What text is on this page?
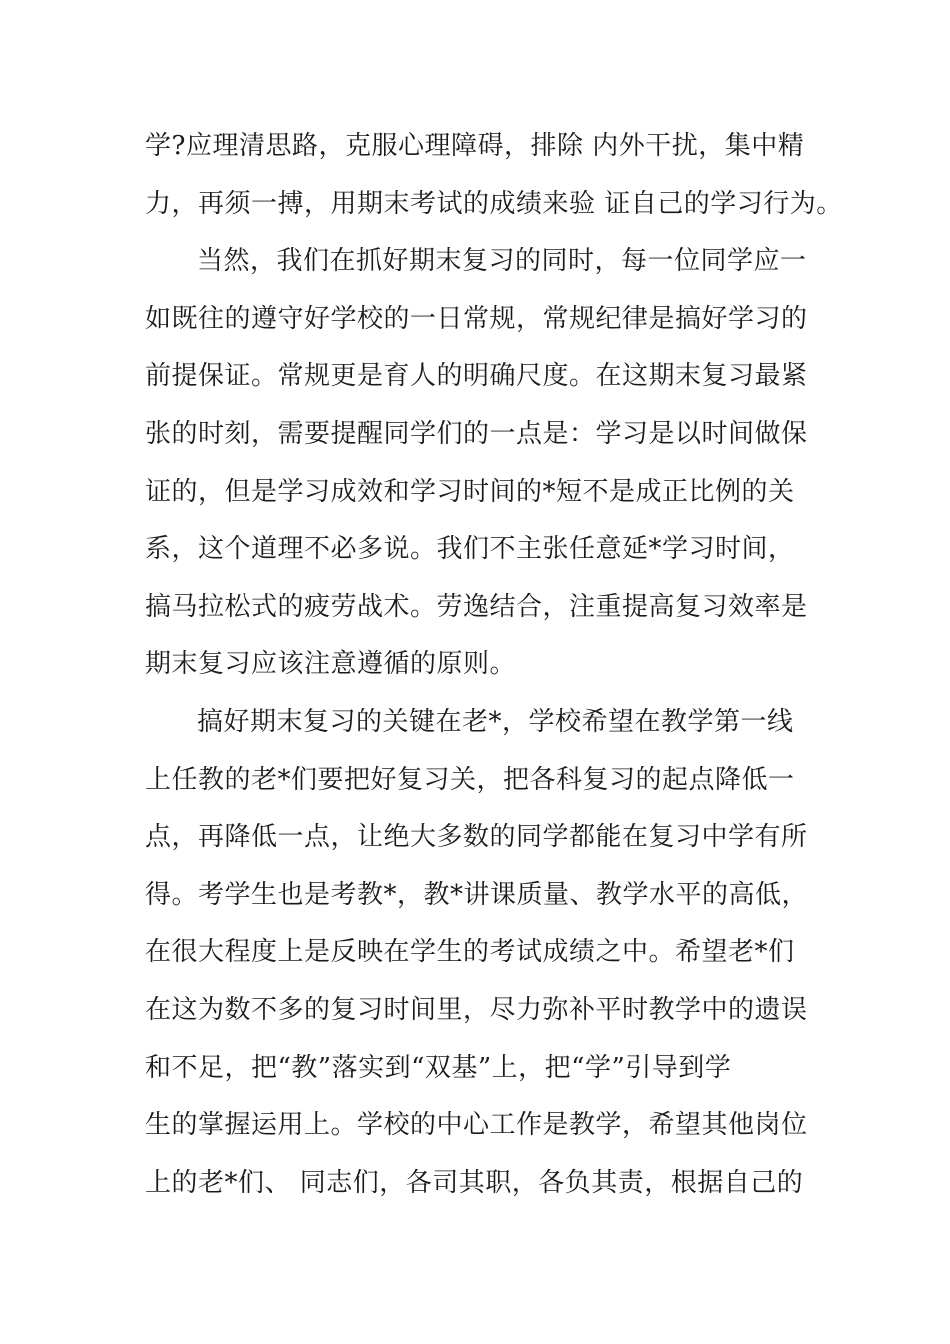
学?应理清思路，克服心理障碍，排除 内外干扰，集中精
力，再须一搏，用期末考试的成绩来验 证自己的学习行为。
当然，我们在抓好期末复习的同时，每一位同学应一
如既往的遵守好学校的一日常规，常规纪律是搞好学习的
前提保证。常规更是育人的明确尺度。在这期末复习最紧
张的时刻，需要提醒同学们的一点是：学习是以时间做保
证的，但是学习成效和学习时间的*短不是成正比例的关
系，这个道理不必多说。我们不主张任意延*学习时间，
搞马拉松式的疲劳战术。劳逸结合，注重提高复习效率是
期末复习应该注意遵循的原则。
搞好期末复习的关键在老*，学校希望在教学第一线
上任教的老*们要把好复习关，把各科复习的起点降低一
点，再降低一点，让绝大多数的同学都能在复习中学有所
得。考学生也是考教*，教*讲课质量、教学水平的高低，
在很大程度上是反映在学生的考试成绩之中。希望老*们
在这为数不多的复习时间里，尽力弥补平时教学中的遗误
和不足，把“教”落实到“双基”上，把“学”引导到学
生的掌握运用上。学校的中心工作是教学，希望其他岗位
上的老*们、 同志们，各司其职，各负其责，根据自己的
